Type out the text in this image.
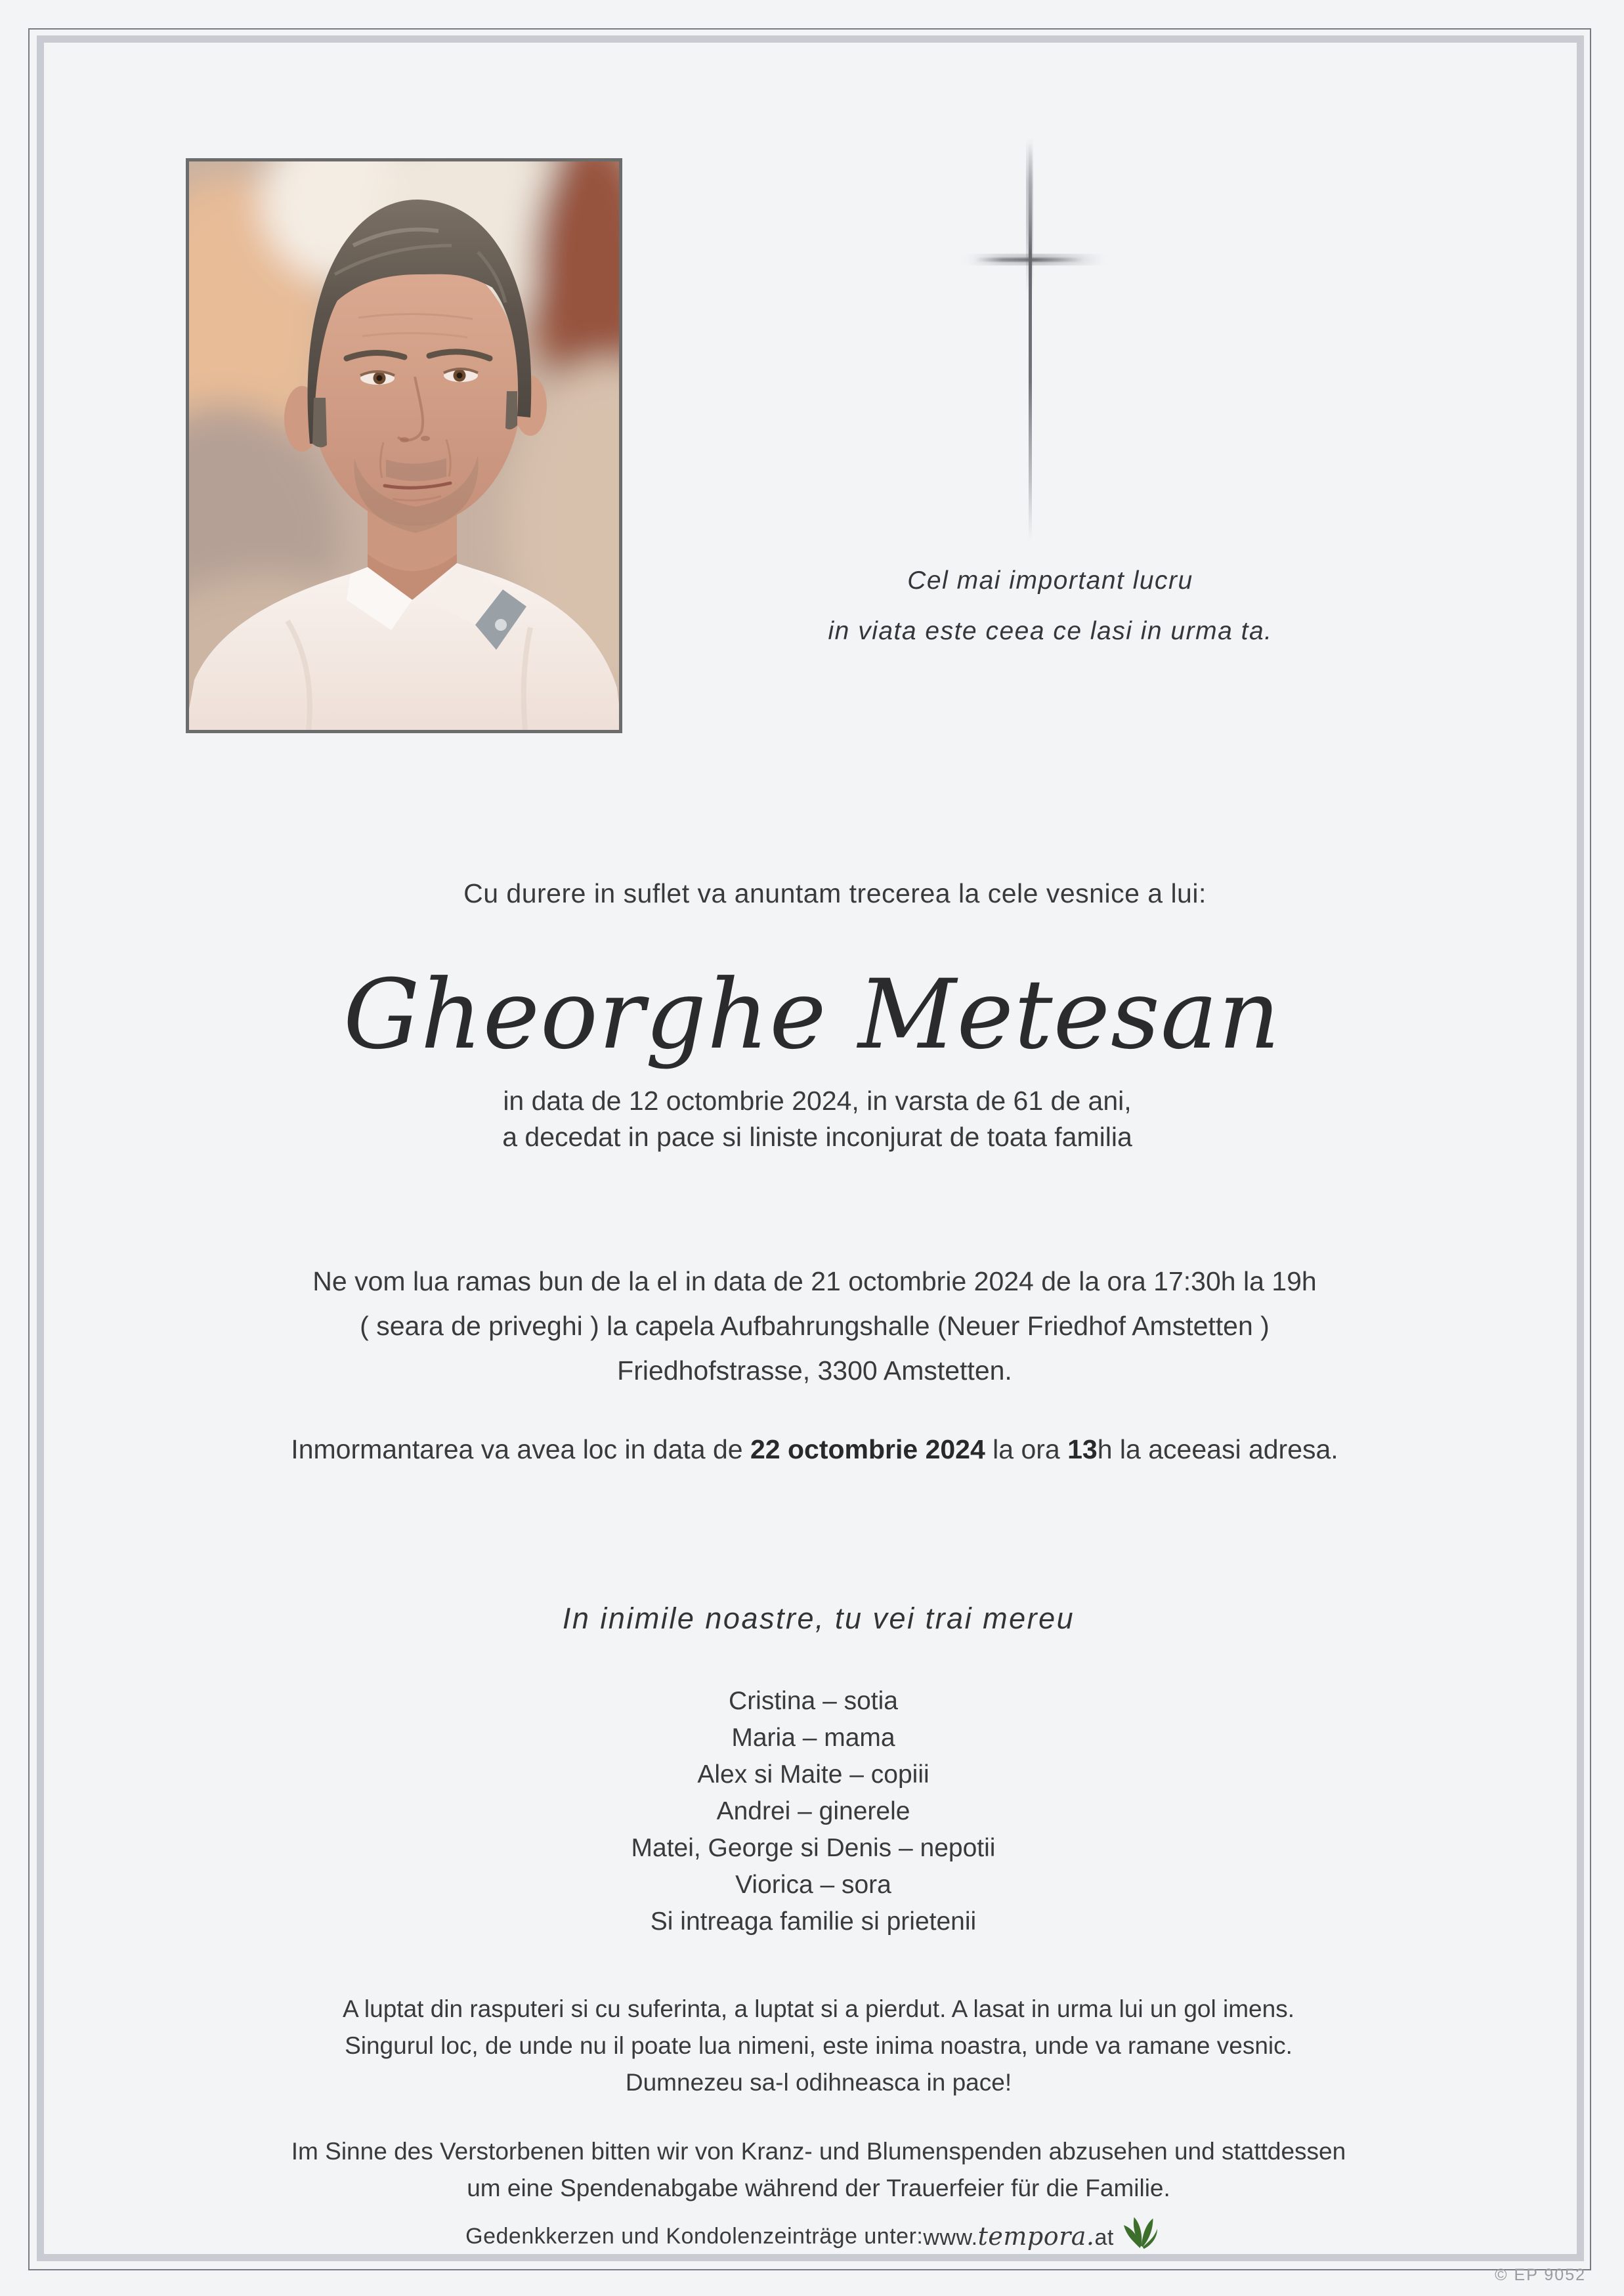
Cel mai important lucru
in viata este ceea ce lasi in urma ta.
Cu durere in suflet va anuntam trecerea la cele vesnice a lui:
Gheorghe Metesan
in data de 12 octombrie 2024, in varsta de 61 de ani,
a decedat in pace si liniste inconjurat de toata familia
Ne vom lua ramas bun de la el in data de 21 octombrie 2024 de la ora 17:30h la 19h
( seara de priveghi ) la capela Aufbahrungshalle (Neuer Friedhof Amstetten )
Friedhofstrasse, 3300 Amstetten.
Inmormantarea va avea loc in data de 22 octombrie 2024 la ora 13h la aceeasi adresa.
In inimile noastre, tu vei trai mereu
Cristina – sotia
Maria – mama
Alex si Maite – copiii
Andrei – ginerele
Matei, George si Denis – nepotii
Viorica – sora
Si intreaga familie si prietenii
A luptat din rasputeri si cu suferinta, a luptat si a pierdut. A lasat in urma lui un gol imens.
Singurul loc, de unde nu il poate lua nimeni, este inima noastra, unde va ramane vesnic.
Dumnezeu sa-l odihneasca in pace!
Im Sinne des Verstorbenen bitten wir von Kranz- und Blumenspenden abzusehen und stattdessen
um eine Spendenabgabe während der Trauerfeier für die Familie.
Gedenkkerzen und Kondolenzeinträge unter: www.tempora.at
© EP 9052
